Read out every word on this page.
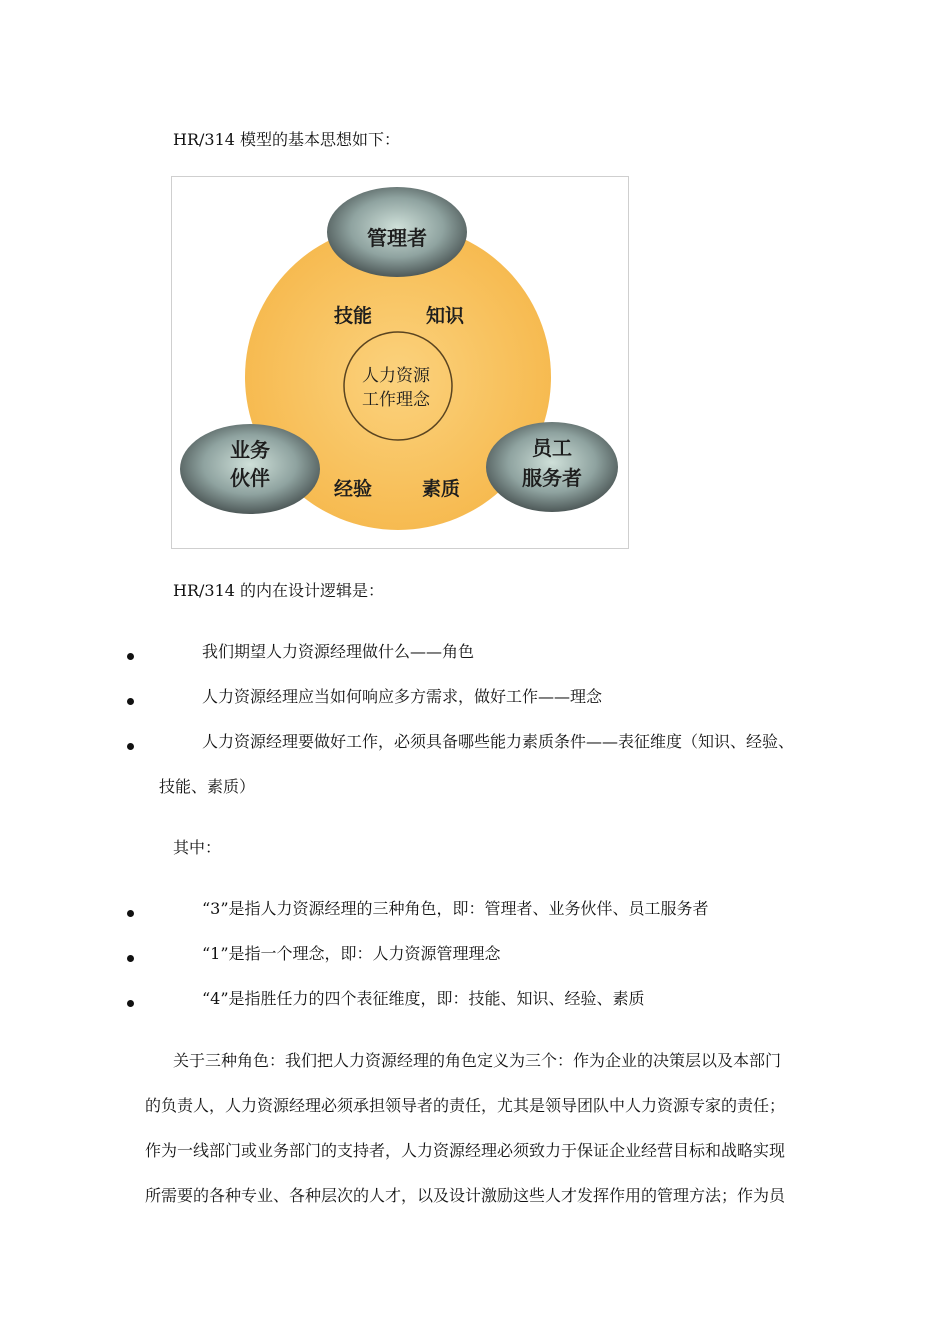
HR/314 模型的基本思想如下：
管理者
业务
伙伴
员工
服务者
技能	知识
经验	素质
人力资源
工作理念
HR/314 的内在设计逻辑是：
我们期望人力资源经理做什么——角色
人力资源经理应当如何响应多方需求，做好工作——理念
人力资源经理要做好工作，必须具备哪些能力素质条件——表征维度（知识、经验、
技能、素质）
其中：
“3”是指人力资源经理的三种角色，即：管理者、业务伙伴、员工服务者
“1”是指一个理念，即：人力资源管理理念
“4”是指胜任力的四个表征维度，即：技能、知识、经验、素质
关于三种角色：我们把人力资源经理的角色定义为三个：作为企业的决策层以及本部门
的负责人，人力资源经理必须承担领导者的责任，尤其是领导团队中人力资源专家的责任；
作为一线部门或业务部门的支持者，人力资源经理必须致力于保证企业经营目标和战略实现
所需要的各种专业、各种层次的人才，以及设计激励这些人才发挥作用的管理方法；作为员
